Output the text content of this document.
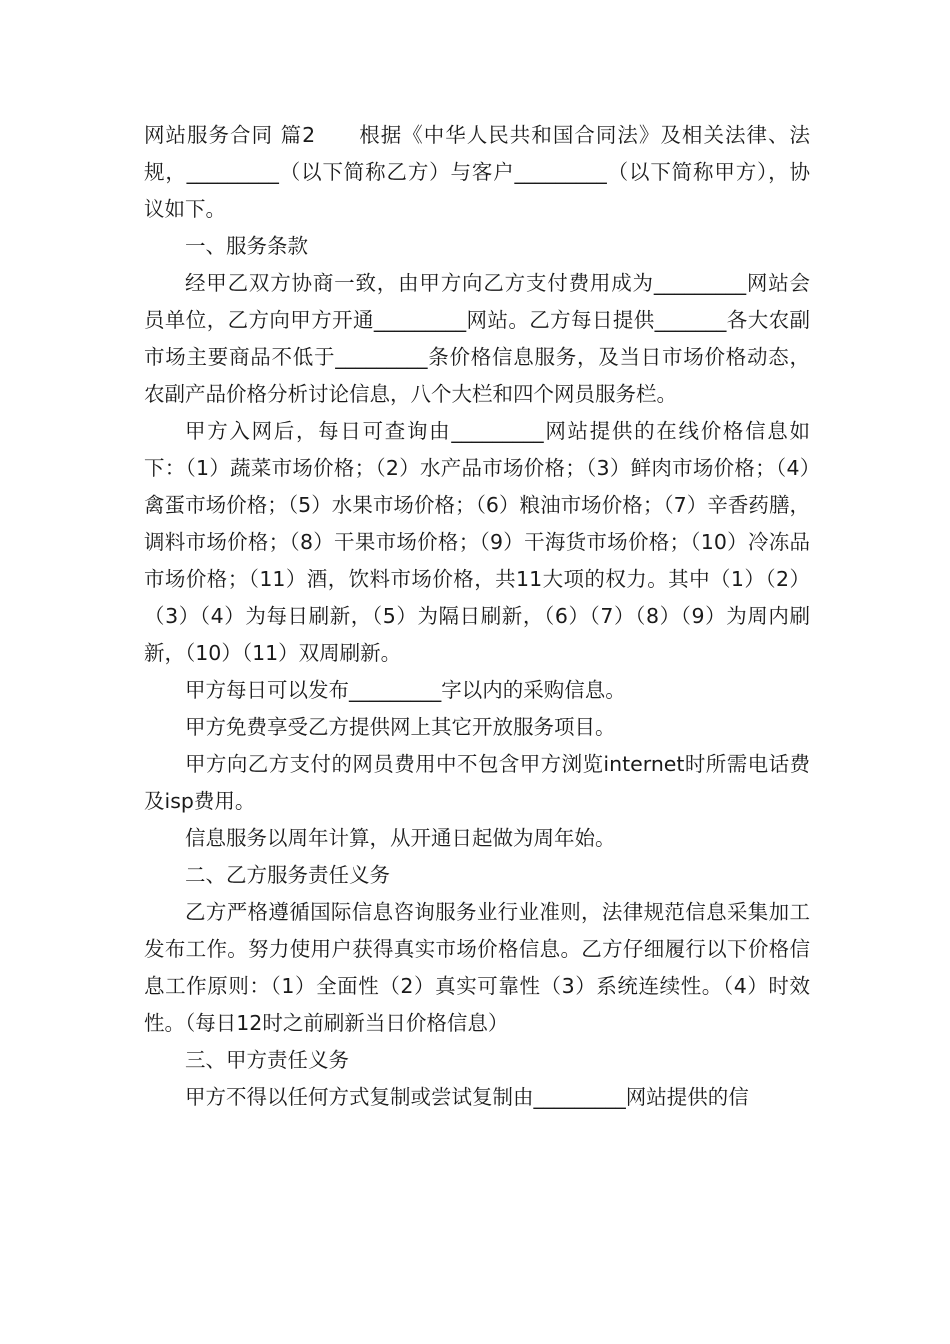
网站服务合同 篇2　　根据《中华人民共和国合同法》及相关法律、法规，_________（以下简称乙方）与客户_________（以下简称甲方），协议如下。

一、服务条款

经甲乙双方协商一致，由甲方向乙方支付费用成为_________网站会员单位，乙方向甲方开通_________网站。乙方每日提供_______各大农副市场主要商品不低于_________条价格信息服务，及当日市场价格动态，农副产品价格分析讨论信息，八个大栏和四个网员服务栏。

甲方入网后，每日可查询由_________网站提供的在线价格信息如下：（1）蔬菜市场价格；（2）水产品市场价格；（3）鲜肉市场价格；（4）禽蛋市场价格；（5）水果市场价格；（6）粮油市场价格；（7）辛香药膳，调料市场价格；（8）干果市场价格；（9）干海货市场价格；（10）冷冻品市场价格；（11）酒，饮料市场价格，共11大项的权力。其中（1）（2）（3）（4）为每日刷新，（5）为隔日刷新，（6）（7）（8）（9）为周内刷新，（10）（11）双周刷新。

甲方每日可以发布_________字以内的采购信息。

甲方免费享受乙方提供网上其它开放服务项目。

甲方向乙方支付的网员费用中不包含甲方浏览internet时所需电话费及isp费用。

信息服务以周年计算，从开通日起做为周年始。

二、乙方服务责任义务

乙方严格遵循国际信息咨询服务业行业准则，法律规范信息采集加工发布工作。努力使用户获得真实市场价格信息。乙方仔细履行以下价格信息工作原则：（1）全面性（2）真实可靠性（3）系统连续性。（4）时效性。（每日12时之前刷新当日价格信息）

三、甲方责任义务

甲方不得以任何方式复制或尝试复制由_________网站提供的信
